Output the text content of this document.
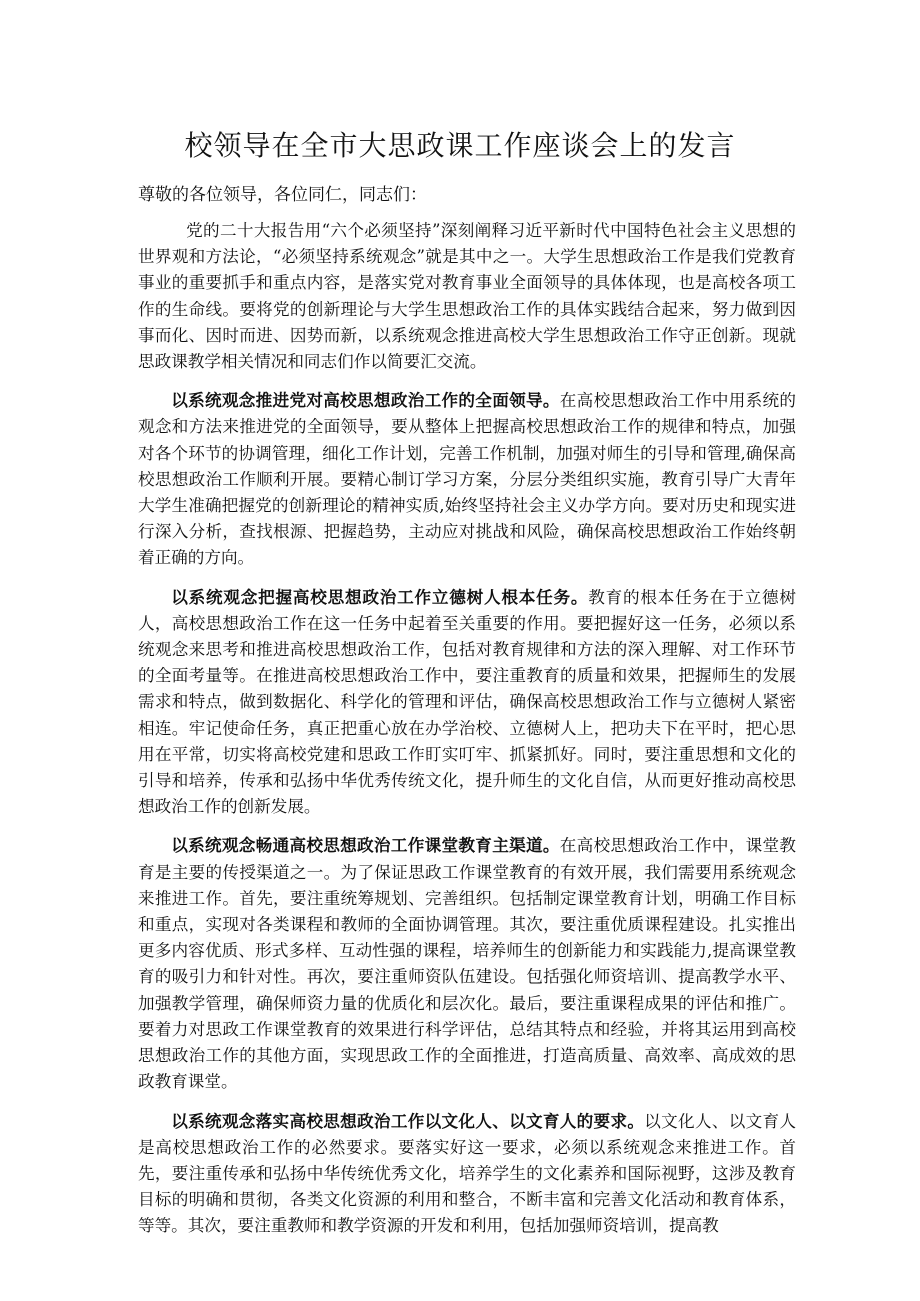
校领导在全市大思政课工作座谈会上的发言

尊敬的各位领导，各位同仁，同志们：

党的二十大报告用“六个必须坚持”深刻阐释习近平新时代中国特色社会主义思想的世界观和方法论，“必须坚持系统观念”就是其中之一。大学生思想政治工作是我们党教育事业的重要抓手和重点内容，是落实党对教育事业全面领导的具体体现，也是高校各项工作的生命线。要将党的创新理论与大学生思想政治工作的具体实践结合起来，努力做到因事而化、因时而进、因势而新，以系统观念推进高校大学生思想政治工作守正创新。现就思政课教学相关情况和同志们作以简要汇交流。

以系统观念推进党对高校思想政治工作的全面领导。在高校思想政治工作中用系统的观念和方法来推进党的全面领导，要从整体上把握高校思想政治工作的规律和特点，加强对各个环节的协调管理，细化工作计划，完善工作机制，加强对师生的引导和管理,确保高校思想政治工作顺利开展。要精心制订学习方案，分层分类组织实施，教育引导广大青年大学生准确把握党的创新理论的精神实质,始终坚持社会主义办学方向。要对历史和现实进行深入分析，查找根源、把握趋势，主动应对挑战和风险，确保高校思想政治工作始终朝着正确的方向。

以系统观念把握高校思想政治工作立德树人根本任务。教育的根本任务在于立德树人，高校思想政治工作在这一任务中起着至关重要的作用。要把握好这一任务，必须以系统观念来思考和推进高校思想政治工作，包括对教育规律和方法的深入理解、对工作环节的全面考量等。在推进高校思想政治工作中，要注重教育的质量和效果，把握师生的发展需求和特点，做到数据化、科学化的管理和评估，确保高校思想政治工作与立德树人紧密相连。牢记使命任务，真正把重心放在办学治校、立德树人上，把功夫下在平时，把心思用在平常，切实将高校党建和思政工作盯实叮牢、抓紧抓好。同时，要注重思想和文化的引导和培养，传承和弘扬中华优秀传统文化，提升师生的文化自信，从而更好推动高校思想政治工作的创新发展。

以系统观念畅通高校思想政治工作课堂教育主渠道。在高校思想政治工作中，课堂教育是主要的传授渠道之一。为了保证思政工作课堂教育的有效开展，我们需要用系统观念来推进工作。首先，要注重统筹规划、完善组织。包括制定课堂教育计划，明确工作目标和重点，实现对各类课程和教师的全面协调管理。其次，要注重优质课程建设。扎实推出更多内容优质、形式多样、互动性强的课程，培养师生的创新能力和实践能力,提高课堂教育的吸引力和针对性。再次，要注重师资队伍建设。包括强化师资培训、提高教学水平、加强教学管理，确保师资力量的优质化和层次化。最后，要注重课程成果的评估和推广。要着力对思政工作课堂教育的效果进行科学评估，总结其特点和经验，并将其运用到高校思想政治工作的其他方面，实现思政工作的全面推进，打造高质量、高效率、高成效的思政教育课堂。

以系统观念落实高校思想政治工作以文化人、以文育人的要求。以文化人、以文育人是高校思想政治工作的必然要求。要落实好这一要求，必须以系统观念来推进工作。首先，要注重传承和弘扬中华传统优秀文化，培养学生的文化素养和国际视野，这涉及教育目标的明确和贯彻，各类文化资源的利用和整合，不断丰富和完善文化活动和教育体系，等等。其次，要注重教师和教学资源的开发和利用，包括加强师资培训，提高教
